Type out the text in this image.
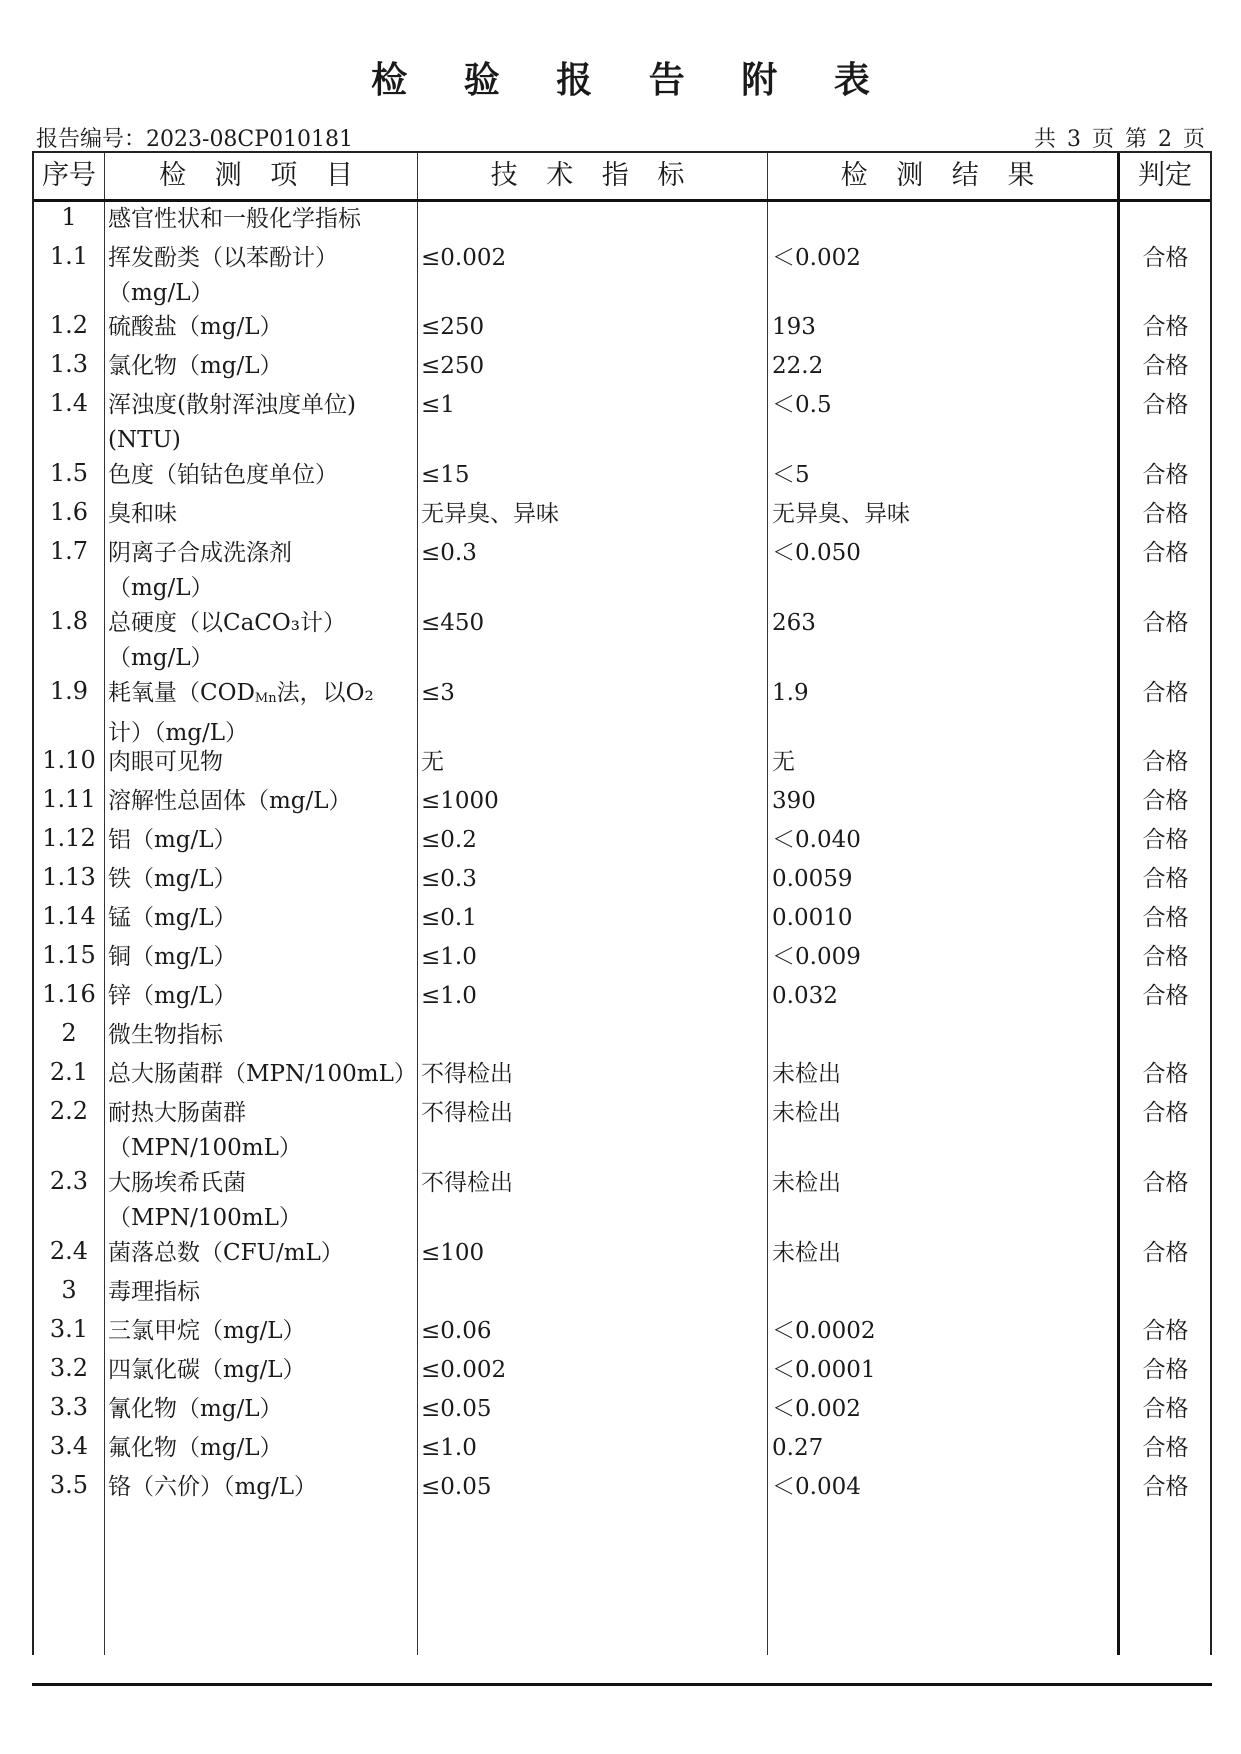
检 验 报 告 附 表
报告编号：2023-08CP010181	共 3 页 第 2 页
序号	检 测 项 目	技 术 指 标	检 测 结 果	判定
1	感官性状和一般化学指标
1.1 挥发酚类（以苯酚计）
（mg/L）
≤0.002	＜0.002	合格
1.2 硫酸盐（mg/L）	≤250	193	合格
1.3 氯化物（mg/L）	≤250	22.2	合格
1.4 浑浊度(散射浑浊度单位)
(NTU)
≤1	＜0.5	合格
1.5 色度（铂钴色度单位）	≤15	＜5	合格
1.6 臭和味	无异臭、异味	无异臭、异味	合格
1.7 阴离子合成洗涤剂
（mg/L）
≤0.3	＜0.050	合格
1.8 总硬度（以CaCO₃计）
（mg/L）
≤450	263	合格
1.9 耗氧量（$COD_{Mn}$法，以O₂
计）（mg/L）
≤3	1.9	合格
1.10 肉眼可见物	无	无	合格
1.11 溶解性总固体（mg/L）	≤1000	390	合格
1.12 铝（mg/L）	≤0.2	＜0.040	合格
1.13 铁（mg/L）	≤0.3	0.0059	合格
1.14 锰（mg/L）	≤0.1	0.0010	合格
1.15 铜（mg/L）	≤1.0	＜0.009	合格
1.16 锌（mg/L）	≤1.0	0.032	合格
2	微生物指标
2.1 总大肠菌群（MPN/100mL） 不得检出	未检出	合格
2.2 耐热大肠菌群
（MPN/100mL）
不得检出	未检出	合格
2.3 大肠埃希氏菌
（MPN/100mL）
不得检出	未检出	合格
2.4 菌落总数（CFU/mL）	≤100	未检出	合格
3	毒理指标
3.1 三氯甲烷（mg/L）	≤0.06	＜0.0002	合格
3.2 四氯化碳（mg/L）	≤0.002	＜0.0001	合格
3.3 氰化物（mg/L）	≤0.05	＜0.002	合格
3.4 氟化物（mg/L）	≤1.0	0.27	合格
3.5 铬（六价）（mg/L）	≤0.05	＜0.004	合格
